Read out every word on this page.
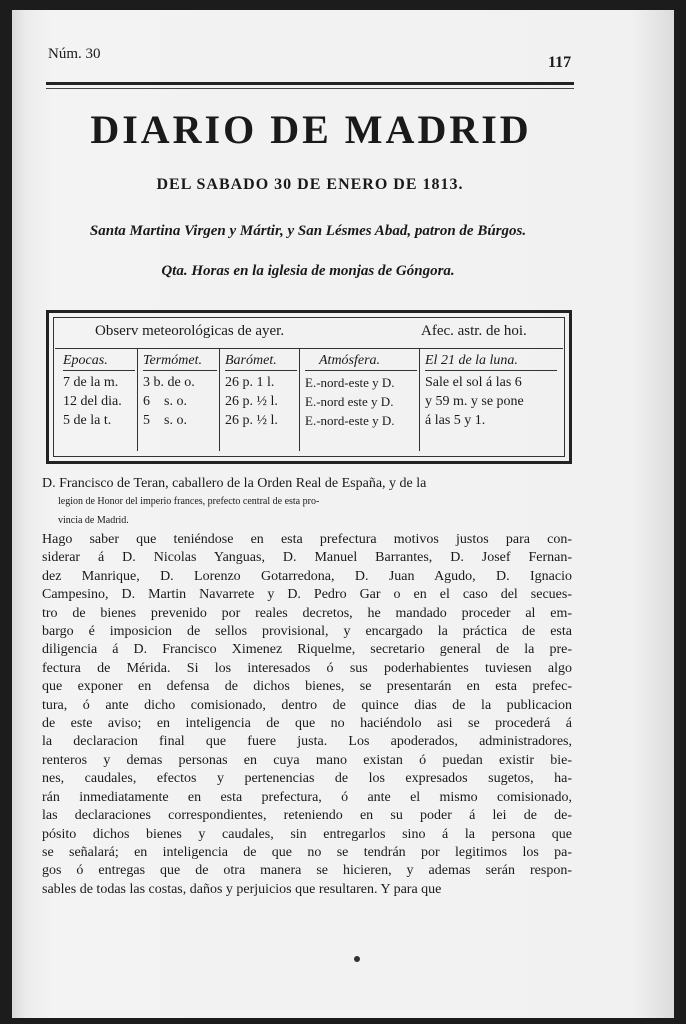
Núm. 30	117
DIARIO DE MADRID
DEL SABADO 30 DE ENERO DE 1813.
Santa Martina Virgen y Mártir, y San Lésmes Abad, patron de Búrgos.
Qta. Horas en la iglesia de monjas de Góngora.
Observ meteorológicas de ayer.	Afec. astr. de hoi.
Epocas.
7 de la m.
12 del dia.
5 de la t.
Termómet.
3 b. de o.
6    s. o.
5    s. o.
Barómet.
26 p. 1 l.
26 p. ½ l.
26 p. ½ l.
Atmósfera.
E.-nord-este y D.
E.-nord este y D.
E.-nord-este y D.
El 21 de la luna.
Sale el sol á las 6
y 59 m. y se pone
á las 5 y 1.
D. Francisco de Teran, caballero de la Orden Real de España, y de la
legion de Honor del imperio frances, prefecto central de esta pro-
vincia de Madrid.
Hago saber que teniéndose en esta prefectura motivos justos para con-
siderar á D. Nicolas Yanguas, D. Manuel Barrantes, D. Josef Fernan-
dez Manrique, D. Lorenzo Gotarredona, D. Juan Agudo, D. Ignacio
Campesino, D. Martin Navarrete y D. Pedro Gar o en el caso del secues-
tro de bienes prevenido por reales decretos, he mandado proceder al em-
bargo é imposicion de sellos provisional, y encargado la práctica de esta
diligencia á D. Francisco Ximenez Riquelme, secretario general de la pre-
fectura de Mérida. Si los interesados ó sus poderhabientes tuviesen algo
que exponer en defensa de dichos bienes, se presentarán en esta prefec-
tura, ó ante dicho comisionado, dentro de quince dias de la publicacion
de este aviso; en inteligencia de que no haciéndolo asi se procederá á
la declaracion final que fuere justa. Los apoderados, administradores,
renteros y demas personas en cuya mano existan ó puedan existir bie-
nes, caudales, efectos y pertenencias de los expresados sugetos, ha-
rán inmediatamente en esta prefectura, ó ante el mismo comisionado,
las declaraciones correspondientes, reteniendo en su poder á lei de de-
pósito dichos bienes y caudales, sin entregarlos sino á la persona que
se señalará; en inteligencia de que no se tendrán por legitimos los pa-
gos ó entregas que de otra manera se hicieren, y ademas serán respon-
sables de todas las costas, daños y perjuicios que resultaren. Y para que
